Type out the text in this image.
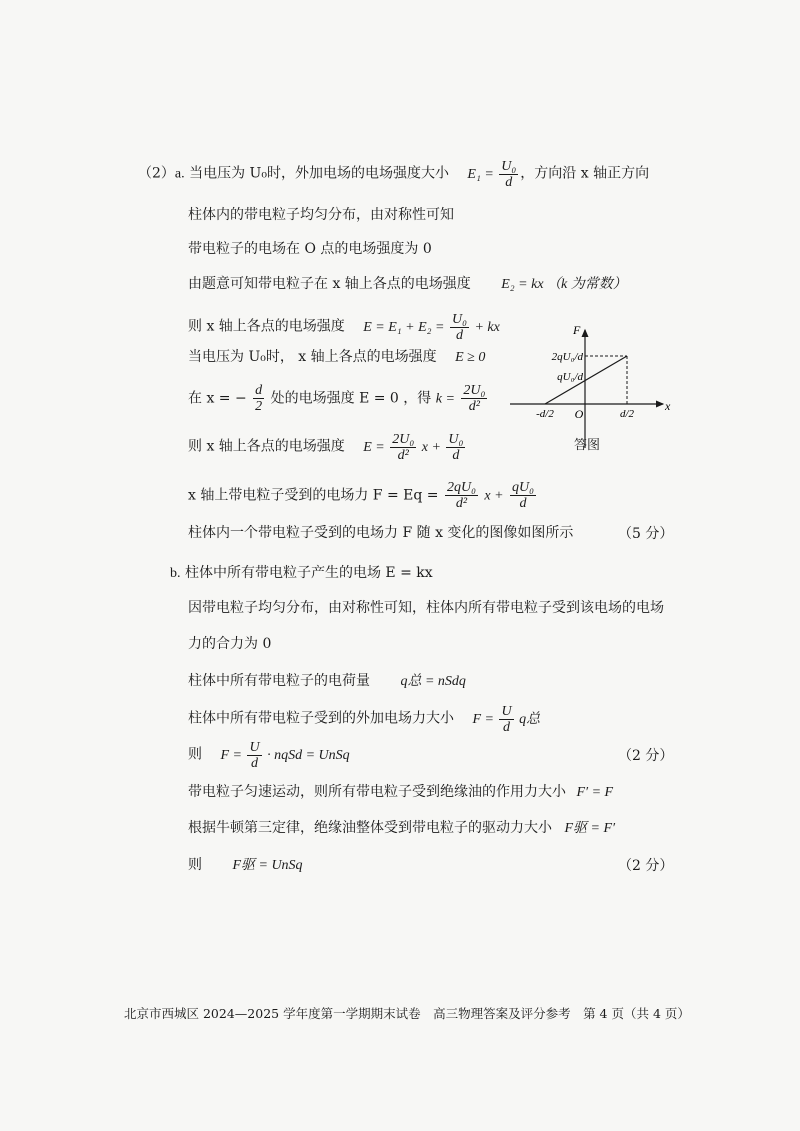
（2）a. 当电压为 U₀时，外加电场的电场强度大小 $E_1 = \frac{\text{U₀}}{d}$ ，方向沿 x 轴正方向
柱体内的带电粒子均匀分布，由对称性可知
带电粒子的电场在 O 点的电场强度为 0
由题意可知带电粒子在 x 轴上各点的电场强度 E₂ = kx （k 为常数）
则 x 轴上各点的电场强度 $E = E_1 + E_2 = \frac{\text{U₀}}{d}$ + kx
当电压为 U₀时， x 轴上各点的电场强度 E ≥ 0
在 x = − $\frac{d}{2}$ 处的电场强度 E = 0 ，得 $k = \frac{\text{2U₀}}{\text{d²}}$
则 x 轴上各点的电场强度 $E = \frac{\text{2U₀}}{\text{d²}}$ $x + \frac{\text{U₀}}{d}$
x 轴上带电粒子受到的电场力 $F = Eq = \frac{\text{2qU₀}}{\text{d²}}$ $x + \frac{\text{qU₀}}{d}$
柱体内一个带电粒子受到的电场力 F 随 x 变化的图像如图所示	（5 分）
F
x
2qU₀/d
qU₀/d
-d/2 O	d/2
答图
b. 柱体中所有带电粒子产生的电场 E = kx
因带电粒子均匀分布，由对称性可知，柱体内所有带电粒子受到该电场的电场
力的合力为 0
柱体中所有带电粒子的电荷量 q总 = nSdq
柱体中所有带电粒子受到的外加电场力大小 $F = \frac{U}{d}$ q总
则 $F = \frac{U}{d}$ · nqSd = UnSq	（2 分）
带电粒子匀速运动，则所有带电粒子受到绝缘油的作用力大小 F′ = F
根据牛顿第三定律，绝缘油整体受到带电粒子的驱动力大小 F驱 = F′
则 F驱 = UnSq	（2 分）
北京市西城区 2024—2025 学年度第一学期期末试卷　高三物理答案及评分参考　第 4 页（共 4 页）
